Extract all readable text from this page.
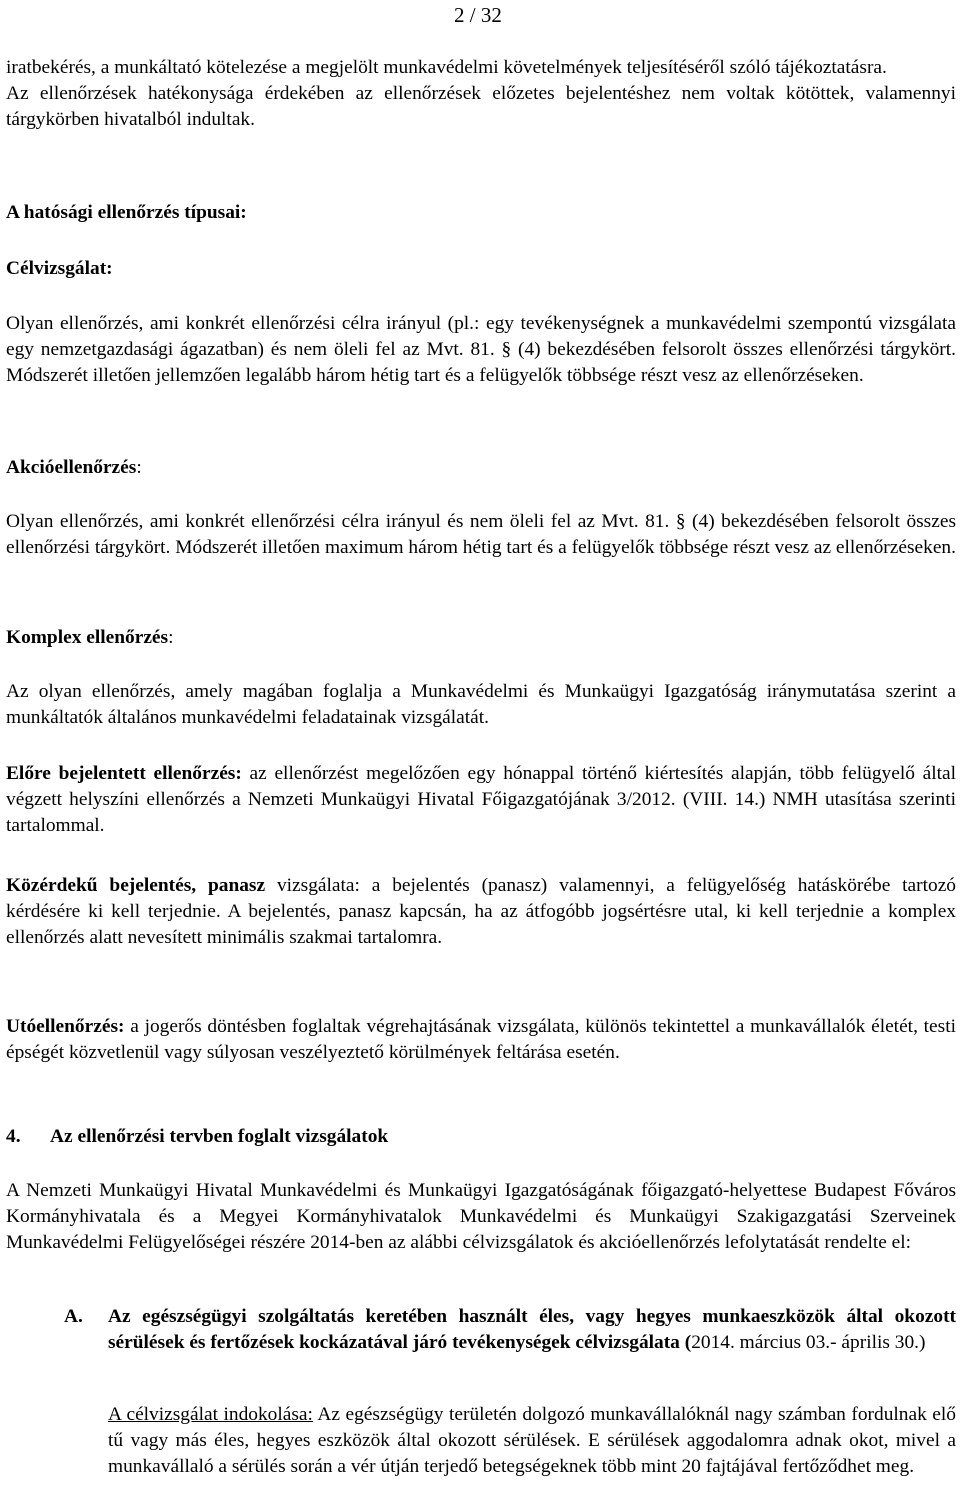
2 / 32

iratbekérés, a munkáltató kötelezése a megjelölt munkavédelmi követelmények teljesítéséről szóló tájékoztatásra.

Az ellenőrzések hatékonysága érdekében az ellenőrzések előzetes bejelentéshez nem voltak kötöttek, valamennyi tárgykörben hivatalból indultak.

A hatósági ellenőrzés típusai:

Célvizsgálat:

Olyan ellenőrzés, ami konkrét ellenőrzési célra irányul (pl.: egy tevékenységnek a munkavédelmi szempontú vizsgálata egy nemzetgazdasági ágazatban) és nem öleli fel az Mvt. 81. § (4) bekezdésében felsorolt összes ellenőrzési tárgykört. Módszerét illetően jellemzően legalább három hétig tart és a felügyelők többsége részt vesz az ellenőrzéseken.

Akcióellenőrzés:

Olyan ellenőrzés, ami konkrét ellenőrzési célra irányul és nem öleli fel az Mvt. 81. § (4) bekezdésében felsorolt összes ellenőrzési tárgykört. Módszerét illetően maximum három hétig tart és a felügyelők többsége részt vesz az ellenőrzéseken.

Komplex ellenőrzés:

Az olyan ellenőrzés, amely magában foglalja a Munkavédelmi és Munkaügyi Igazgatóság iránymutatása szerint a munkáltatók általános munkavédelmi feladatainak vizsgálatát.

Előre bejelentett ellenőrzés: az ellenőrzést megelőzően egy hónappal történő kiértesítés alapján, több felügyelő által végzett helyszíni ellenőrzés a Nemzeti Munkaügyi Hivatal Főigazgatójának 3/2012. (VIII. 14.) NMH utasítása szerinti tartalommal.

Közérdekű bejelentés, panasz vizsgálata: a bejelentés (panasz) valamennyi, a felügyelőség hatáskörébe tartozó kérdésére ki kell terjednie. A bejelentés, panasz kapcsán, ha az átfogóbb jogsértésre utal, ki kell terjednie a komplex ellenőrzés alatt nevesített minimális szakmai tartalomra.

Utóellenőrzés: a jogerős döntésben foglaltak végrehajtásának vizsgálata, különös tekintettel a munkavállalók életét, testi épségét közvetlenül vagy súlyosan veszélyeztető körülmények feltárása esetén.

4. Az ellenőrzési tervben foglalt vizsgálatok

A Nemzeti Munkaügyi Hivatal Munkavédelmi és Munkaügyi Igazgatóságának főigazgató-helyettese Budapest Főváros Kormányhivatala és a Megyei Kormányhivatalok Munkavédelmi és Munkaügyi Szakigazgatási Szerveinek Munkavédelmi Felügyelőségei részére 2014-ben az alábbi célvizsgálatok és akcióellenőrzés lefolytatását rendelte el:

A. Az egészségügyi szolgáltatás keretében használt éles, vagy hegyes munkaeszközök által okozott sérülések és fertőzések kockázatával járó tevékenységek célvizsgálata (2014. március 03.- április 30.)

A célvizsgálat indokolása: Az egészségügy területén dolgozó munkavállalóknál nagy számban fordulnak elő tű vagy más éles, hegyes eszközök által okozott sérülések. E sérülések aggodalomra adnak okot, mivel a munkavállaló a sérülés során a vér útján terjedő betegségeknek több mint 20 fajtájával fertőződhet meg.
